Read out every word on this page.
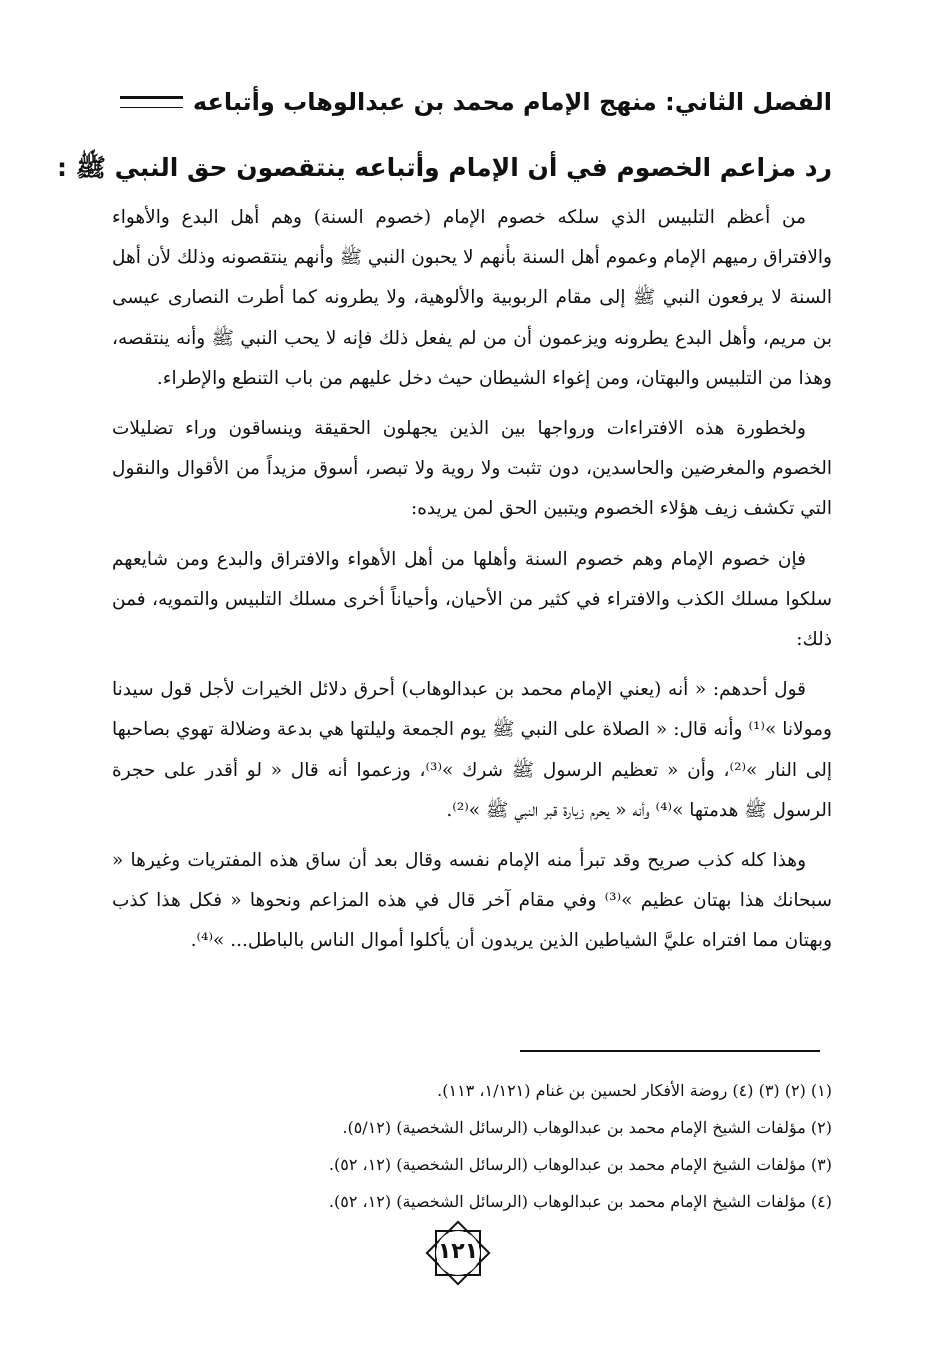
الفصل الثاني: منهج الإمام محمد بن عبدالوهاب وأتباعه
رد مزاعم الخصوم في أن الإمام وأتباعه ينتقصون حق النبي ﷺ :

من أعظم التلبيس الذي سلكه خصوم الإمام (خصوم السنة) وهم أهل البدع والأهواء والافتراق رميهم الإمام وعموم أهل السنة بأنهم لا يحبون النبي ﷺ وأنهم ينتقصونه وذلك لأن أهل السنة لا يرفعون النبي ﷺ إلى مقام الربوبية والألوهية، ولا يطرونه كما أطرت النصارى عيسى بن مريم، وأهل البدع يطرونه ويزعمون أن من لم يفعل ذلك فإنه لا يحب النبي ﷺ وأنه ينتقصه، وهذا من التلبيس والبهتان، ومن إغواء الشيطان حيث دخل عليهم من باب التنطع والإطراء.

ولخطورة هذه الافتراءات ورواجها بين الذين يجهلون الحقيقة وينساقون وراء تضليلات الخصوم والمغرضين والحاسدين، دون تثبت ولا روية ولا تبصر، أسوق مزيداً من الأقوال والنقول التي تكشف زيف هؤلاء الخصوم ويتبين الحق لمن يريده:

فإن خصوم الإمام وهم خصوم السنة وأهلها من أهل الأهواء والافتراق والبدع ومن شايعهم سلكوا مسلك الكذب والافتراء في كثير من الأحيان، وأحياناً أخرى مسلك التلبيس والتمويه، فمن ذلك:

قول أحدهم: « أنه (يعني الإمام محمد بن عبدالوهاب) أحرق دلائل الخيرات لأجل قول سيدنا ومولانا »⁽¹⁾ وأنه قال: « الصلاة على النبي ﷺ يوم الجمعة وليلتها هي بدعة وضلالة تهوي بصاحبها إلى النار »⁽²⁾، وأن « تعظيم الرسول ﷺ شرك »⁽³⁾، وزعموا أنه قال « لو أقدر على حجرة الرسول ﷺ هدمتها »⁽⁴⁾ وأنه « يحرم زيارة قبر النبي ﷺ »⁽²⁾.

وهذا كله كذب صريح وقد تبرأ منه الإمام نفسه وقال بعد أن ساق هذه المفتريات وغيرها « سبحانك هذا بهتان عظيم »⁽³⁾ وفي مقام آخر قال في هذه المزاعم ونحوها « فكل هذا كذب وبهتان مما افتراه عليَّ الشياطين الذين يريدون أن يأكلوا أموال الناس بالباطل... »⁽⁴⁾.

(١) (٢) (٣) (٤) روضة الأفكار لحسين بن غنام (١/١٢١، ١١٣).
(٢) مؤلفات الشيخ الإمام محمد بن عبدالوهاب (الرسائل الشخصية) (٥/١٢).
(٣) مؤلفات الشيخ الإمام محمد بن عبدالوهاب (الرسائل الشخصية) (١٢، ٥٢).
(٤) مؤلفات الشيخ الإمام محمد بن عبدالوهاب (الرسائل الشخصية) (١٢، ٥٢).
١٢١
